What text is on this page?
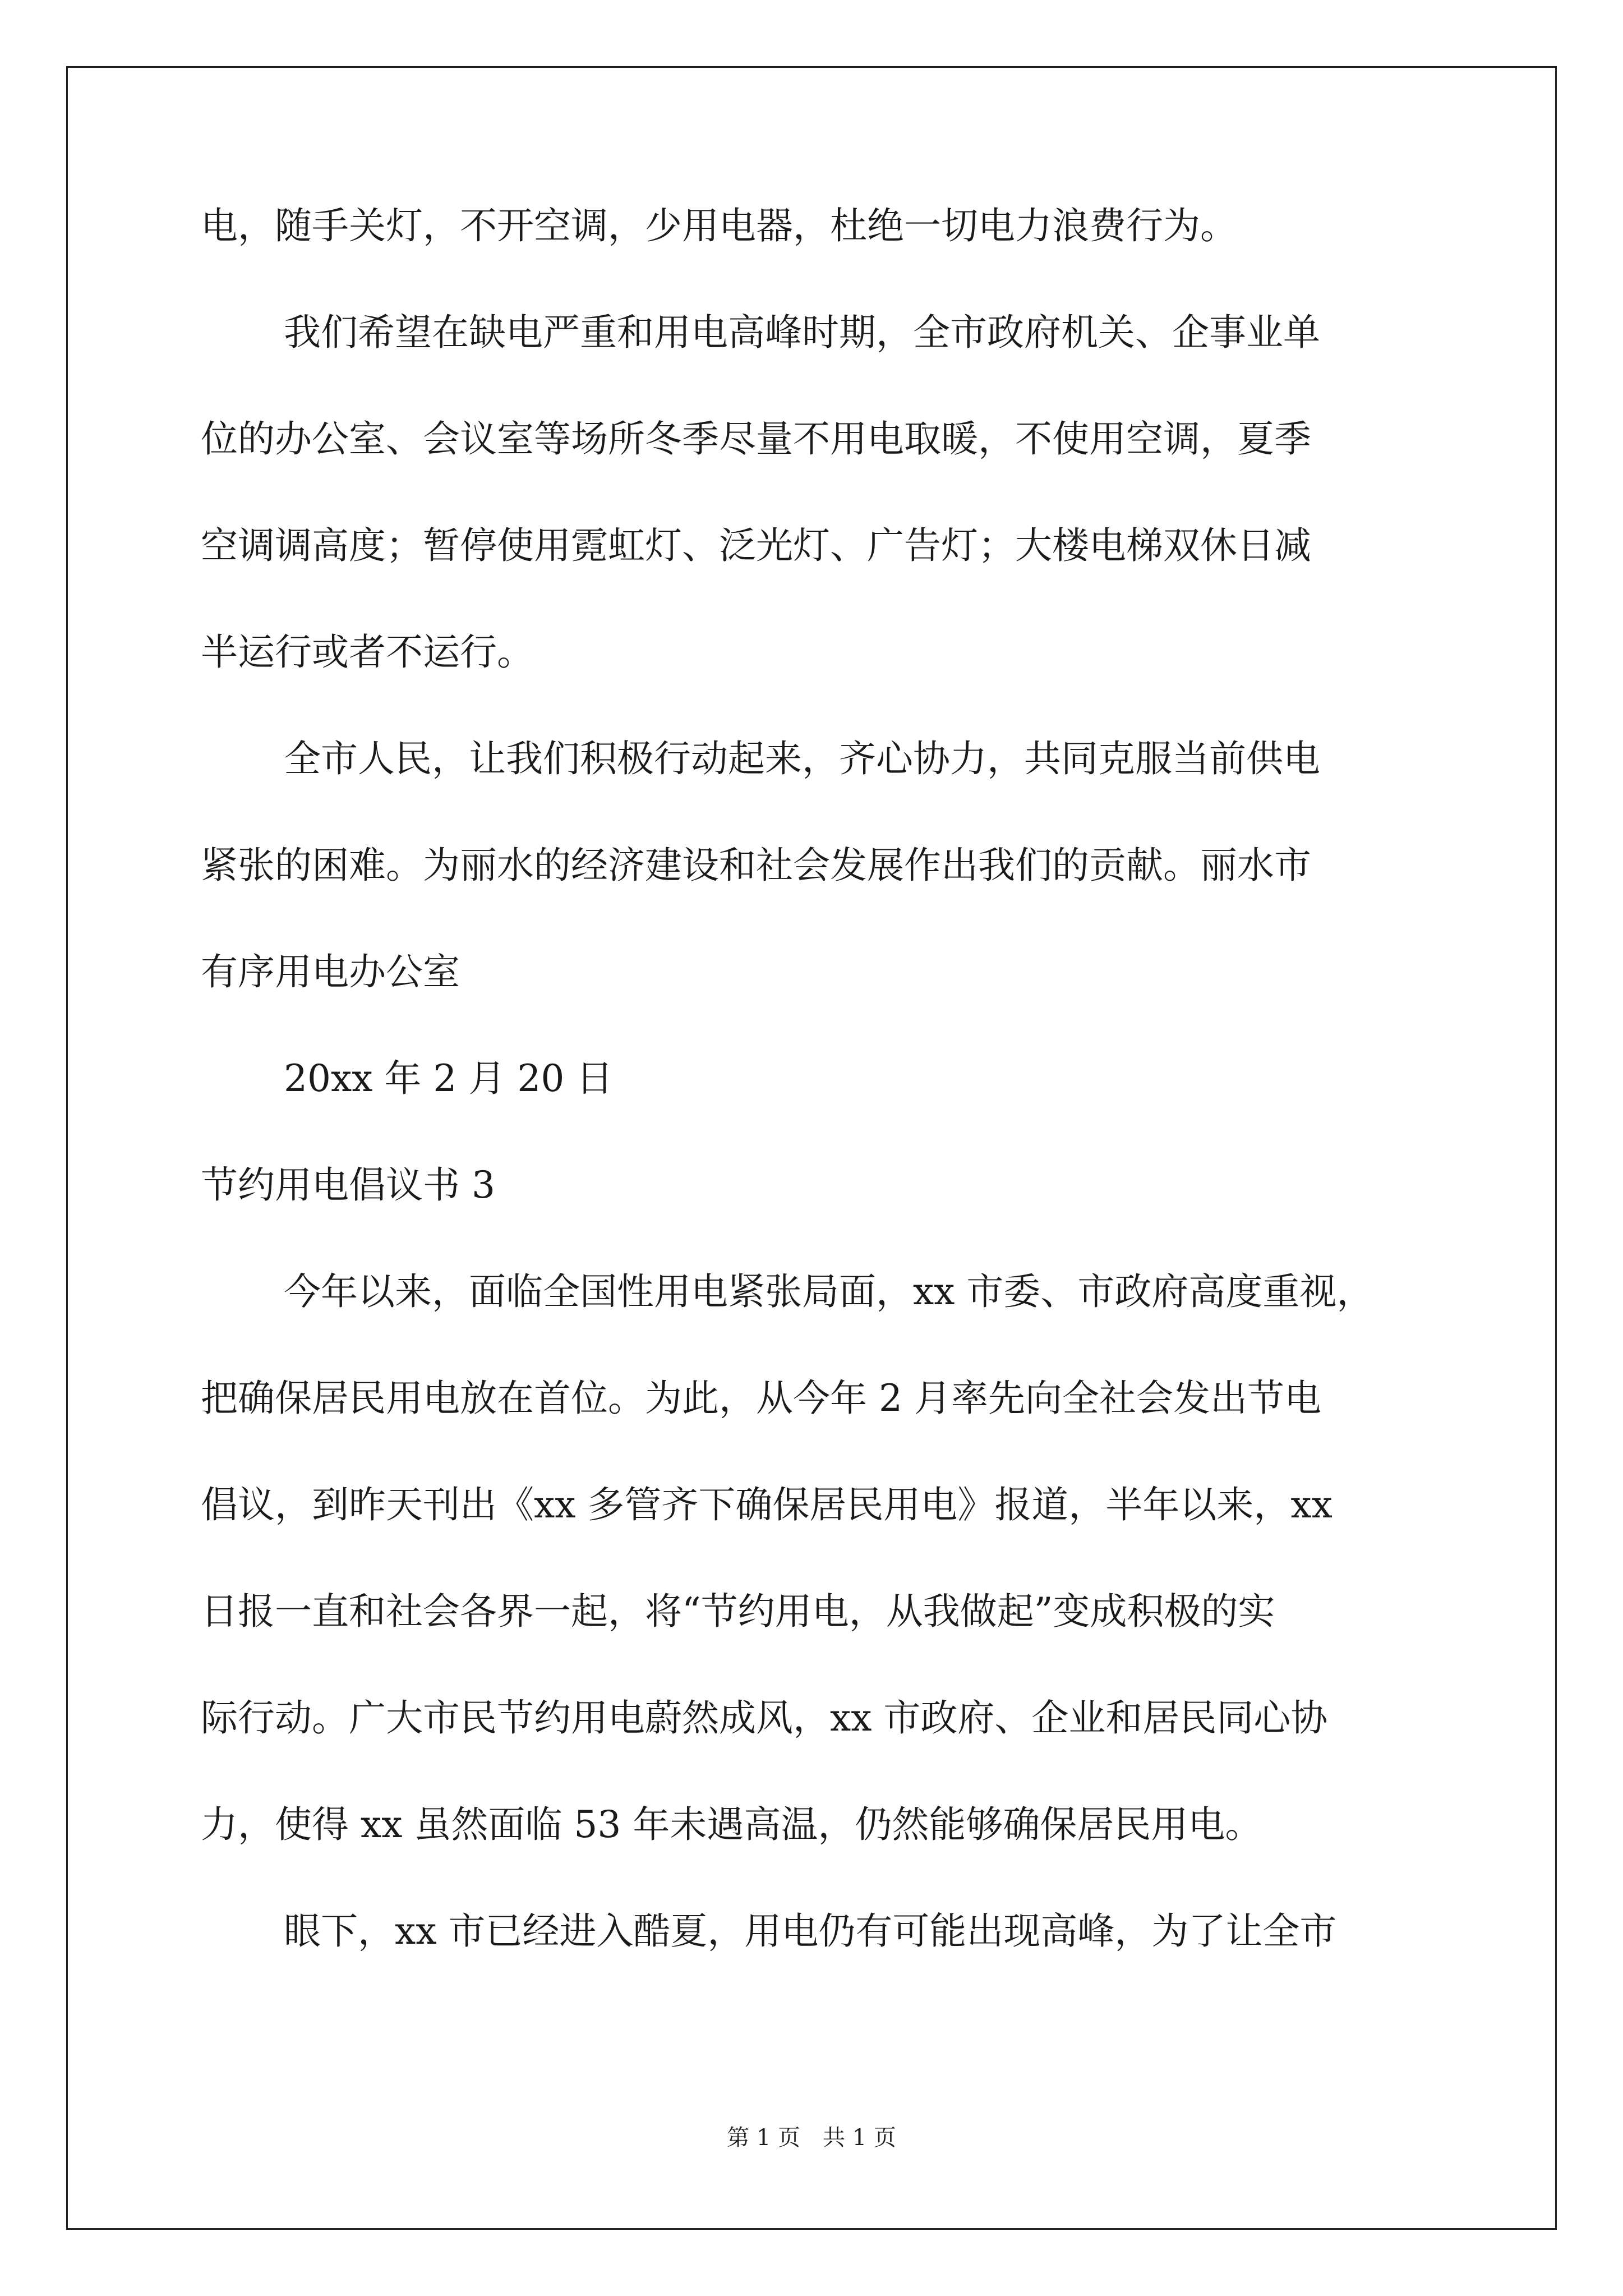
电，随手关灯，不开空调，少用电器，杜绝一切电力浪费行为。
我们希望在缺电严重和用电高峰时期，全市政府机关、企事业单
位的办公室、会议室等场所冬季尽量不用电取暖，不使用空调，夏季
空调调高度；暂停使用霓虹灯、泛光灯、广告灯；大楼电梯双休日减
半运行或者不运行。
全市人民，让我们积极行动起来，齐心协力，共同克服当前供电
紧张的困难。为丽水的经济建设和社会发展作出我们的贡献。丽水市
有序用电办公室
20xx 年 2 月 20 日
节约用电倡议书 3
今年以来，面临全国性用电紧张局面，xx 市委、市政府高度重视，
把确保居民用电放在首位。为此，从今年 2 月率先向全社会发出节电
倡议，到昨天刊出《xx 多管齐下确保居民用电》报道，半年以来，xx
日报一直和社会各界一起，将“节约用电，从我做起”变成积极的实
际行动。广大市民节约用电蔚然成风，xx 市政府、企业和居民同心协
力，使得 xx 虽然面临 53 年未遇高温，仍然能够确保居民用电。
眼下，xx 市已经进入酷夏，用电仍有可能出现高峰，为了让全市
第 1 页　共 1 页
